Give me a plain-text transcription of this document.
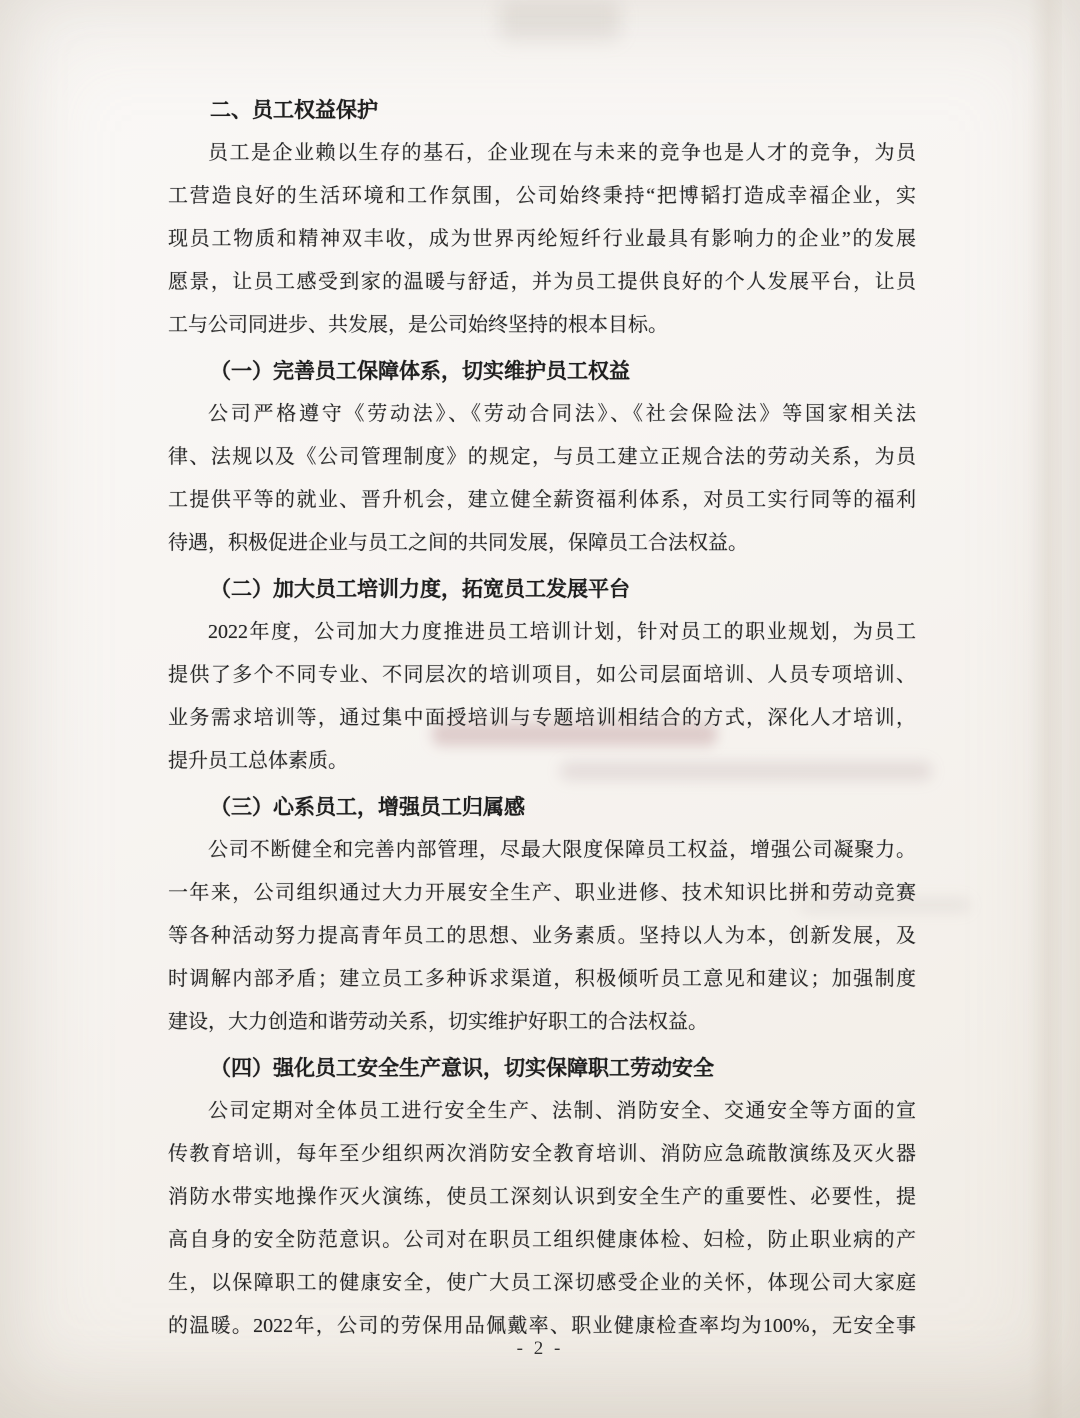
二、员工权益保护
员工是企业赖以生存的基石，企业现在与未来的竞争也是人才的竞争，为员
工营造良好的生活环境和工作氛围，公司始终秉持“把博韬打造成幸福企业，实
现员工物质和精神双丰收，成为世界丙纶短纤行业最具有影响力的企业”的发展
愿景，让员工感受到家的温暖与舒适，并为员工提供良好的个人发展平台，让员
工与公司同进步、共发展，是公司始终坚持的根本目标。
（一）完善员工保障体系，切实维护员工权益
公司严格遵守《劳动法》、《劳动合同法》、《社会保险法》等国家相关法
律、法规以及《公司管理制度》的规定，与员工建立正规合法的劳动关系，为员
工提供平等的就业、晋升机会，建立健全薪资福利体系，对员工实行同等的福利
待遇，积极促进企业与员工之间的共同发展，保障员工合法权益。
（二）加大员工培训力度，拓宽员工发展平台
2022年度，公司加大力度推进员工培训计划，针对员工的职业规划，为员工
提供了多个不同专业、不同层次的培训项目，如公司层面培训、人员专项培训、
业务需求培训等，通过集中面授培训与专题培训相结合的方式，深化人才培训，
提升员工总体素质。
（三）心系员工，增强员工归属感
公司不断健全和完善内部管理，尽最大限度保障员工权益，增强公司凝聚力。
一年来，公司组织通过大力开展安全生产、职业进修、技术知识比拼和劳动竞赛
等各种活动努力提高青年员工的思想、业务素质。坚持以人为本，创新发展，及
时调解内部矛盾；建立员工多种诉求渠道，积极倾听员工意见和建议；加强制度
建设，大力创造和谐劳动关系，切实维护好职工的合法权益。
（四）强化员工安全生产意识，切实保障职工劳动安全
公司定期对全体员工进行安全生产、法制、消防安全、交通安全等方面的宣
传教育培训，每年至少组织两次消防安全教育培训、消防应急疏散演练及灭火器
消防水带实地操作灭火演练，使员工深刻认识到安全生产的重要性、必要性，提
高自身的安全防范意识。公司对在职员工组织健康体检、妇检，防止职业病的产
生，以保障职工的健康安全，使广大员工深切感受企业的关怀，体现公司大家庭
的温暖。2022年，公司的劳保用品佩戴率、职业健康检查率均为100%，无安全事
- 2 -
